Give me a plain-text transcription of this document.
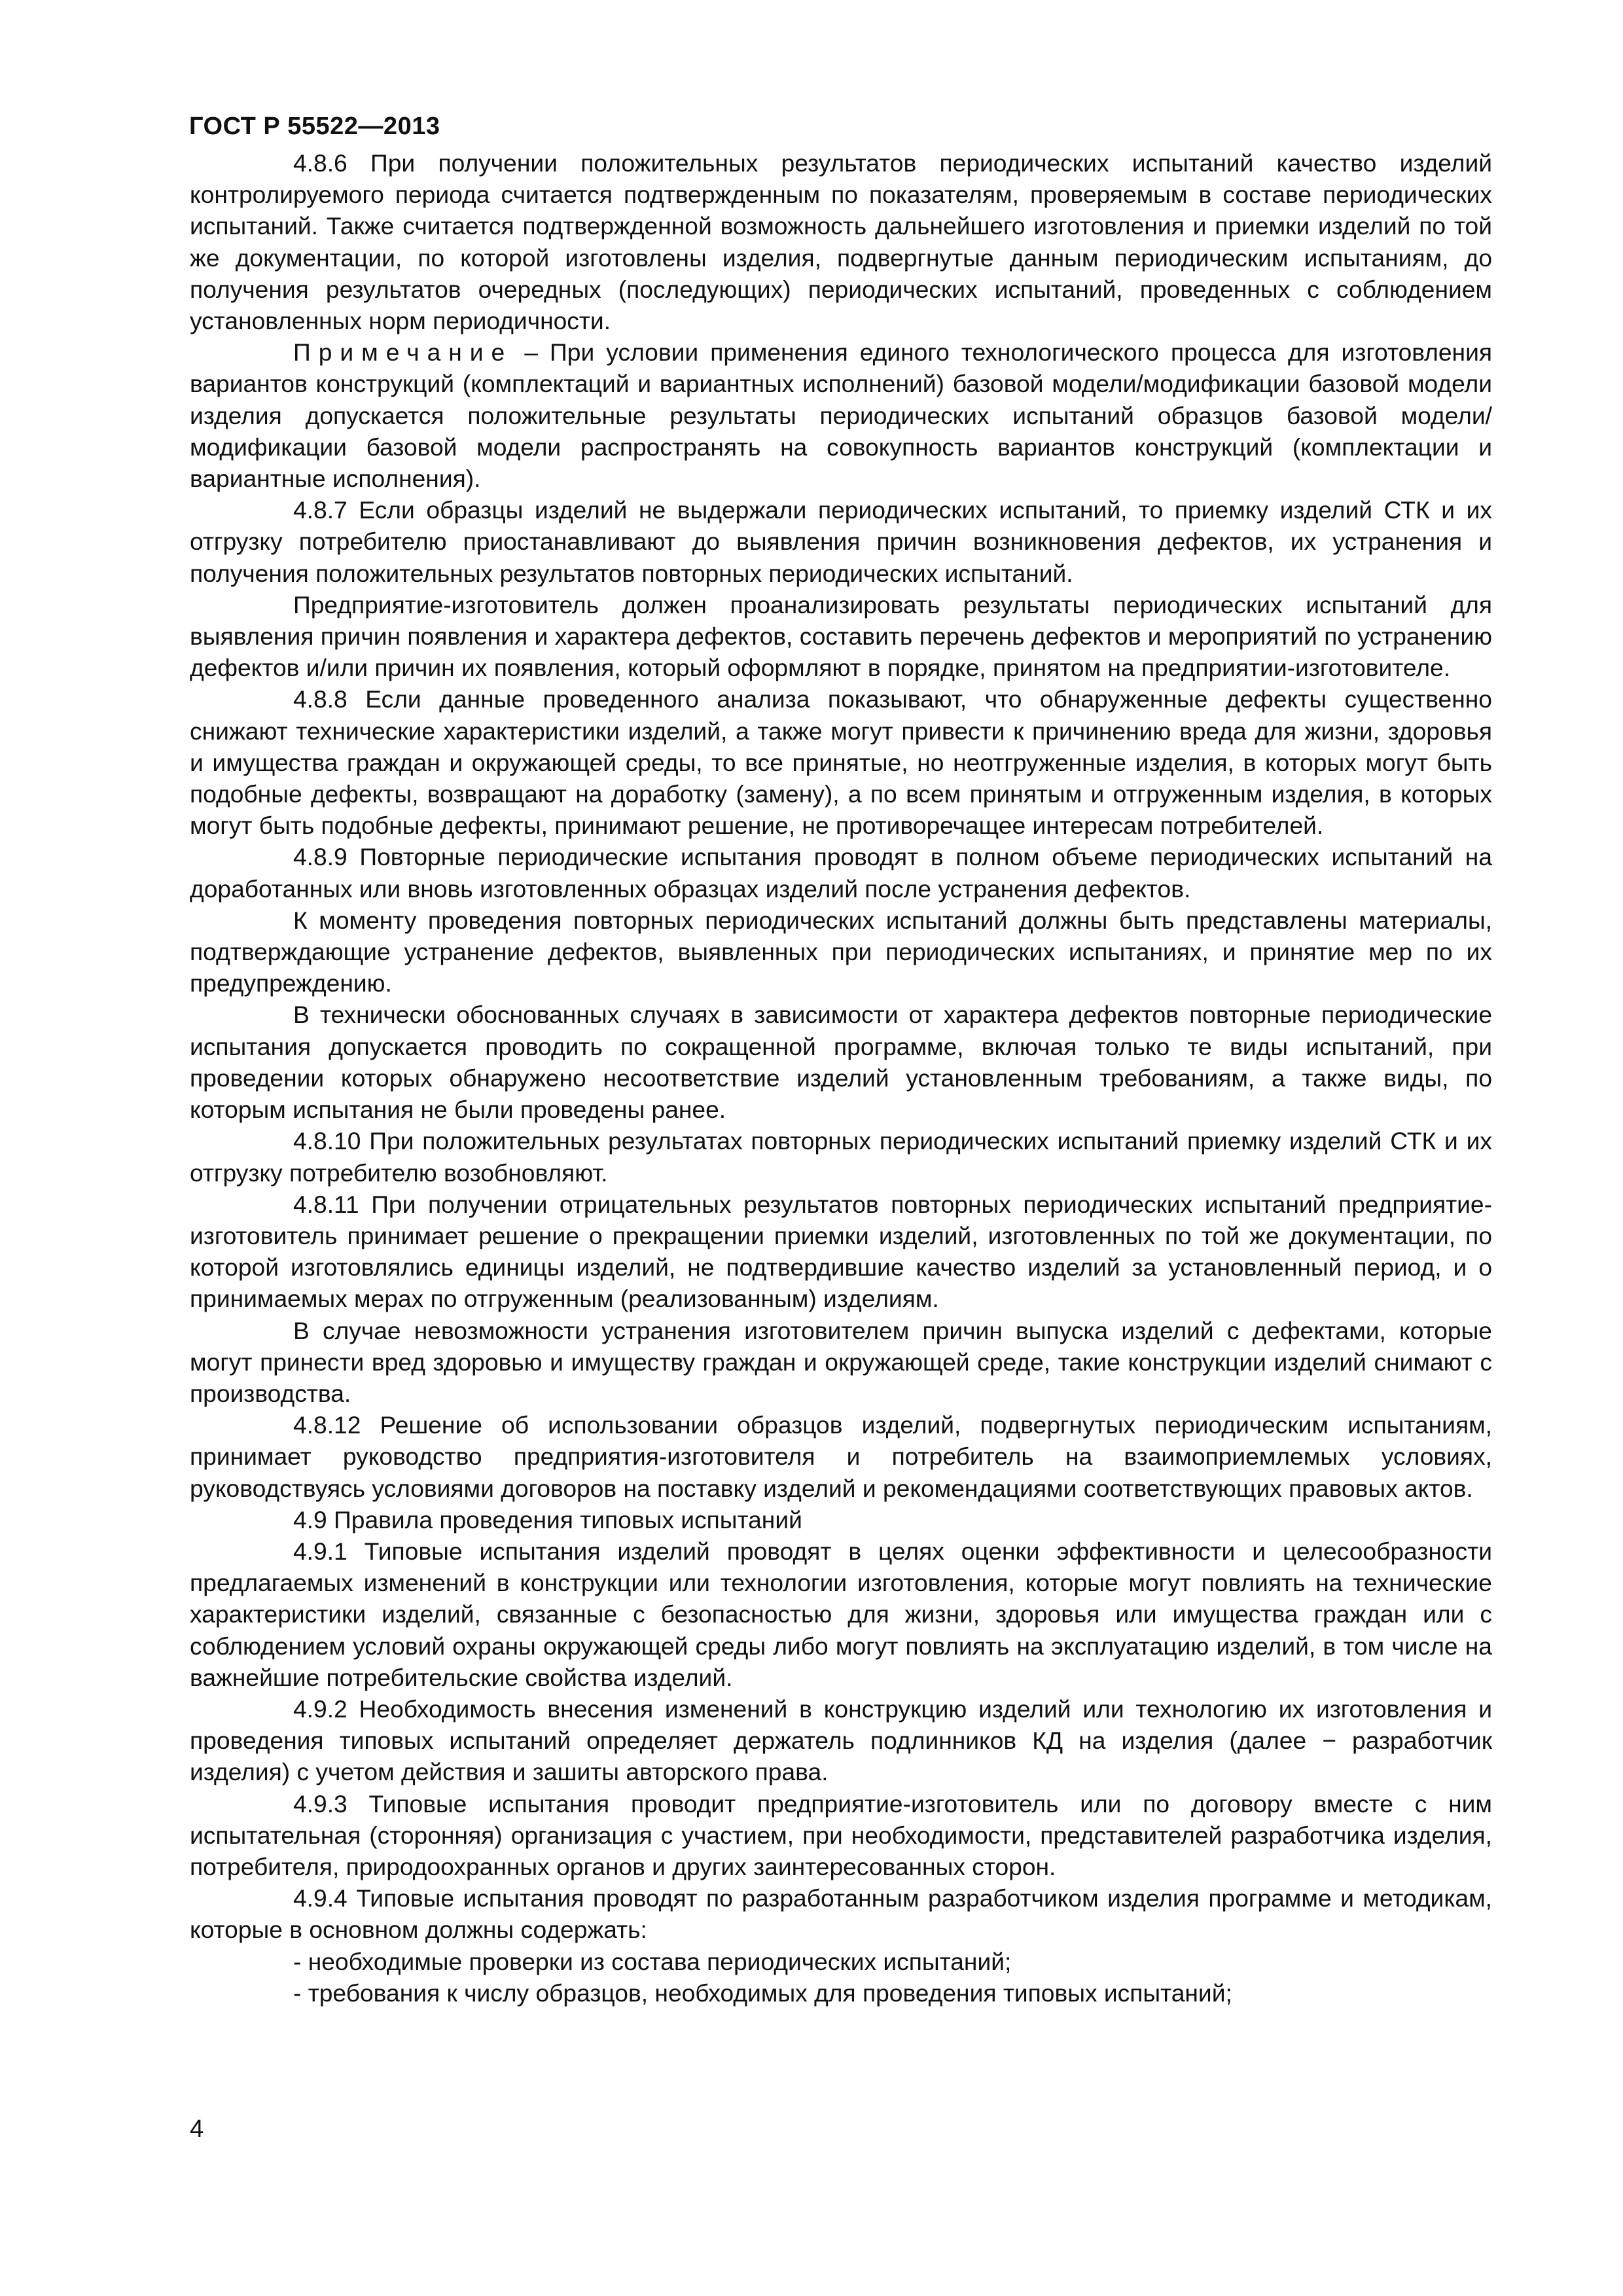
ГОСТ Р 55522—2013

4.8.6 При получении положительных результатов периодических испытаний качество изделий контролируемого периода считается подтвержденным по показателям, проверяемым в составе периодических испытаний. Также считается подтвержденной возможность дальнейшего изготовления и приемки изделий по той же документации, по которой изготовлены изделия, подвергнутые данным периодическим испытаниям, до получения результатов очередных (последующих) периодических испытаний, проведенных с соблюдением установленных норм периодичности.

Примечание – При условии применения единого технологического процесса для изготовления вариантов конструкций (комплектаций и вариантных исполнений) базовой модели/модификации базовой модели изделия допускается положительные результаты периодических испытаний образцов базовой модели/модификации базовой модели распространять на совокупность вариантов конструкций (комплектации и вариантные исполнения).

4.8.7 Если образцы изделий не выдержали периодических испытаний, то приемку изделий СТК и их отгрузку потребителю приостанавливают до выявления причин возникновения дефектов, их устранения и получения положительных результатов повторных периодических испытаний.

Предприятие-изготовитель должен проанализировать результаты периодических испытаний для выявления причин появления и характера дефектов, составить перечень дефектов и мероприятий по устранению дефектов и/или причин их появления, который оформляют в порядке, принятом на предприятии-изготовителе.

4.8.8 Если данные проведенного анализа показывают, что обнаруженные дефекты существенно снижают технические характеристики изделий, а также могут привести к причинению вреда для жизни, здоровья и имущества граждан и окружающей среды, то все принятые, но неотгруженные изделия, в которых могут быть подобные дефекты, возвращают на доработку (замену), а по всем принятым и отгруженным изделия, в которых могут быть подобные дефекты, принимают решение, не противоречащее интересам потребителей.

4.8.9 Повторные периодические испытания проводят в полном объеме периодических испытаний на доработанных или вновь изготовленных образцах изделий после устранения дефектов.

К моменту проведения повторных периодических испытаний должны быть представлены материалы, подтверждающие устранение дефектов, выявленных при периодических испытаниях, и принятие мер по их предупреждению.

В технически обоснованных случаях в зависимости от характера дефектов повторные периодические испытания допускается проводить по сокращенной программе, включая только те виды испытаний, при проведении которых обнаружено несоответствие изделий установленным требованиям, а также виды, по которым испытания не были проведены ранее.

4.8.10 При положительных результатах повторных периодических испытаний приемку изделий СТК и их отгрузку потребителю возобновляют.

4.8.11 При получении отрицательных результатов повторных периодических испытаний предприятие-изготовитель принимает решение о прекращении приемки изделий, изготовленных по той же документации, по которой изготовлялись единицы изделий, не подтвердившие качество изделий за установленный период, и о принимаемых мерах по отгруженным (реализованным) изделиям.

В случае невозможности устранения изготовителем причин выпуска изделий с дефектами, которые могут принести вред здоровью и имуществу граждан и окружающей среде, такие конструкции изделий снимают с производства.

4.8.12 Решение об использовании образцов изделий, подвергнутых периодическим испытаниям, принимает руководство предприятия-изготовителя и потребитель на взаимоприемлемых условиях, руководствуясь условиями договоров на поставку изделий и рекомендациями соответствующих правовых актов.

4.9 Правила проведения типовых испытаний

4.9.1 Типовые испытания изделий проводят в целях оценки эффективности и целесообразности предлагаемых изменений в конструкции или технологии изготовления, которые могут повлиять на технические характеристики изделий, связанные с безопасностью для жизни, здоровья или имущества граждан или с соблюдением условий охраны окружающей среды либо могут повлиять на эксплуатацию изделий, в том числе на важнейшие потребительские свойства изделий.

4.9.2 Необходимость внесения изменений в конструкцию изделий или технологию их изготовления и проведения типовых испытаний определяет держатель подлинников КД на изделия (далее − разработчик изделия) с учетом действия и зашиты авторского права.

4.9.3 Типовые испытания проводит предприятие-изготовитель или по договору вместе с ним испытательная (сторонняя) организация с участием, при необходимости, представителей разработчика изделия, потребителя, природоохранных органов и других заинтересованных сторон.

4.9.4 Типовые испытания проводят по разработанным разработчиком изделия программе и методикам, которые в основном должны содержать:

- необходимые проверки из состава периодических испытаний;

- требования к числу образцов, необходимых для проведения типовых испытаний;

4
